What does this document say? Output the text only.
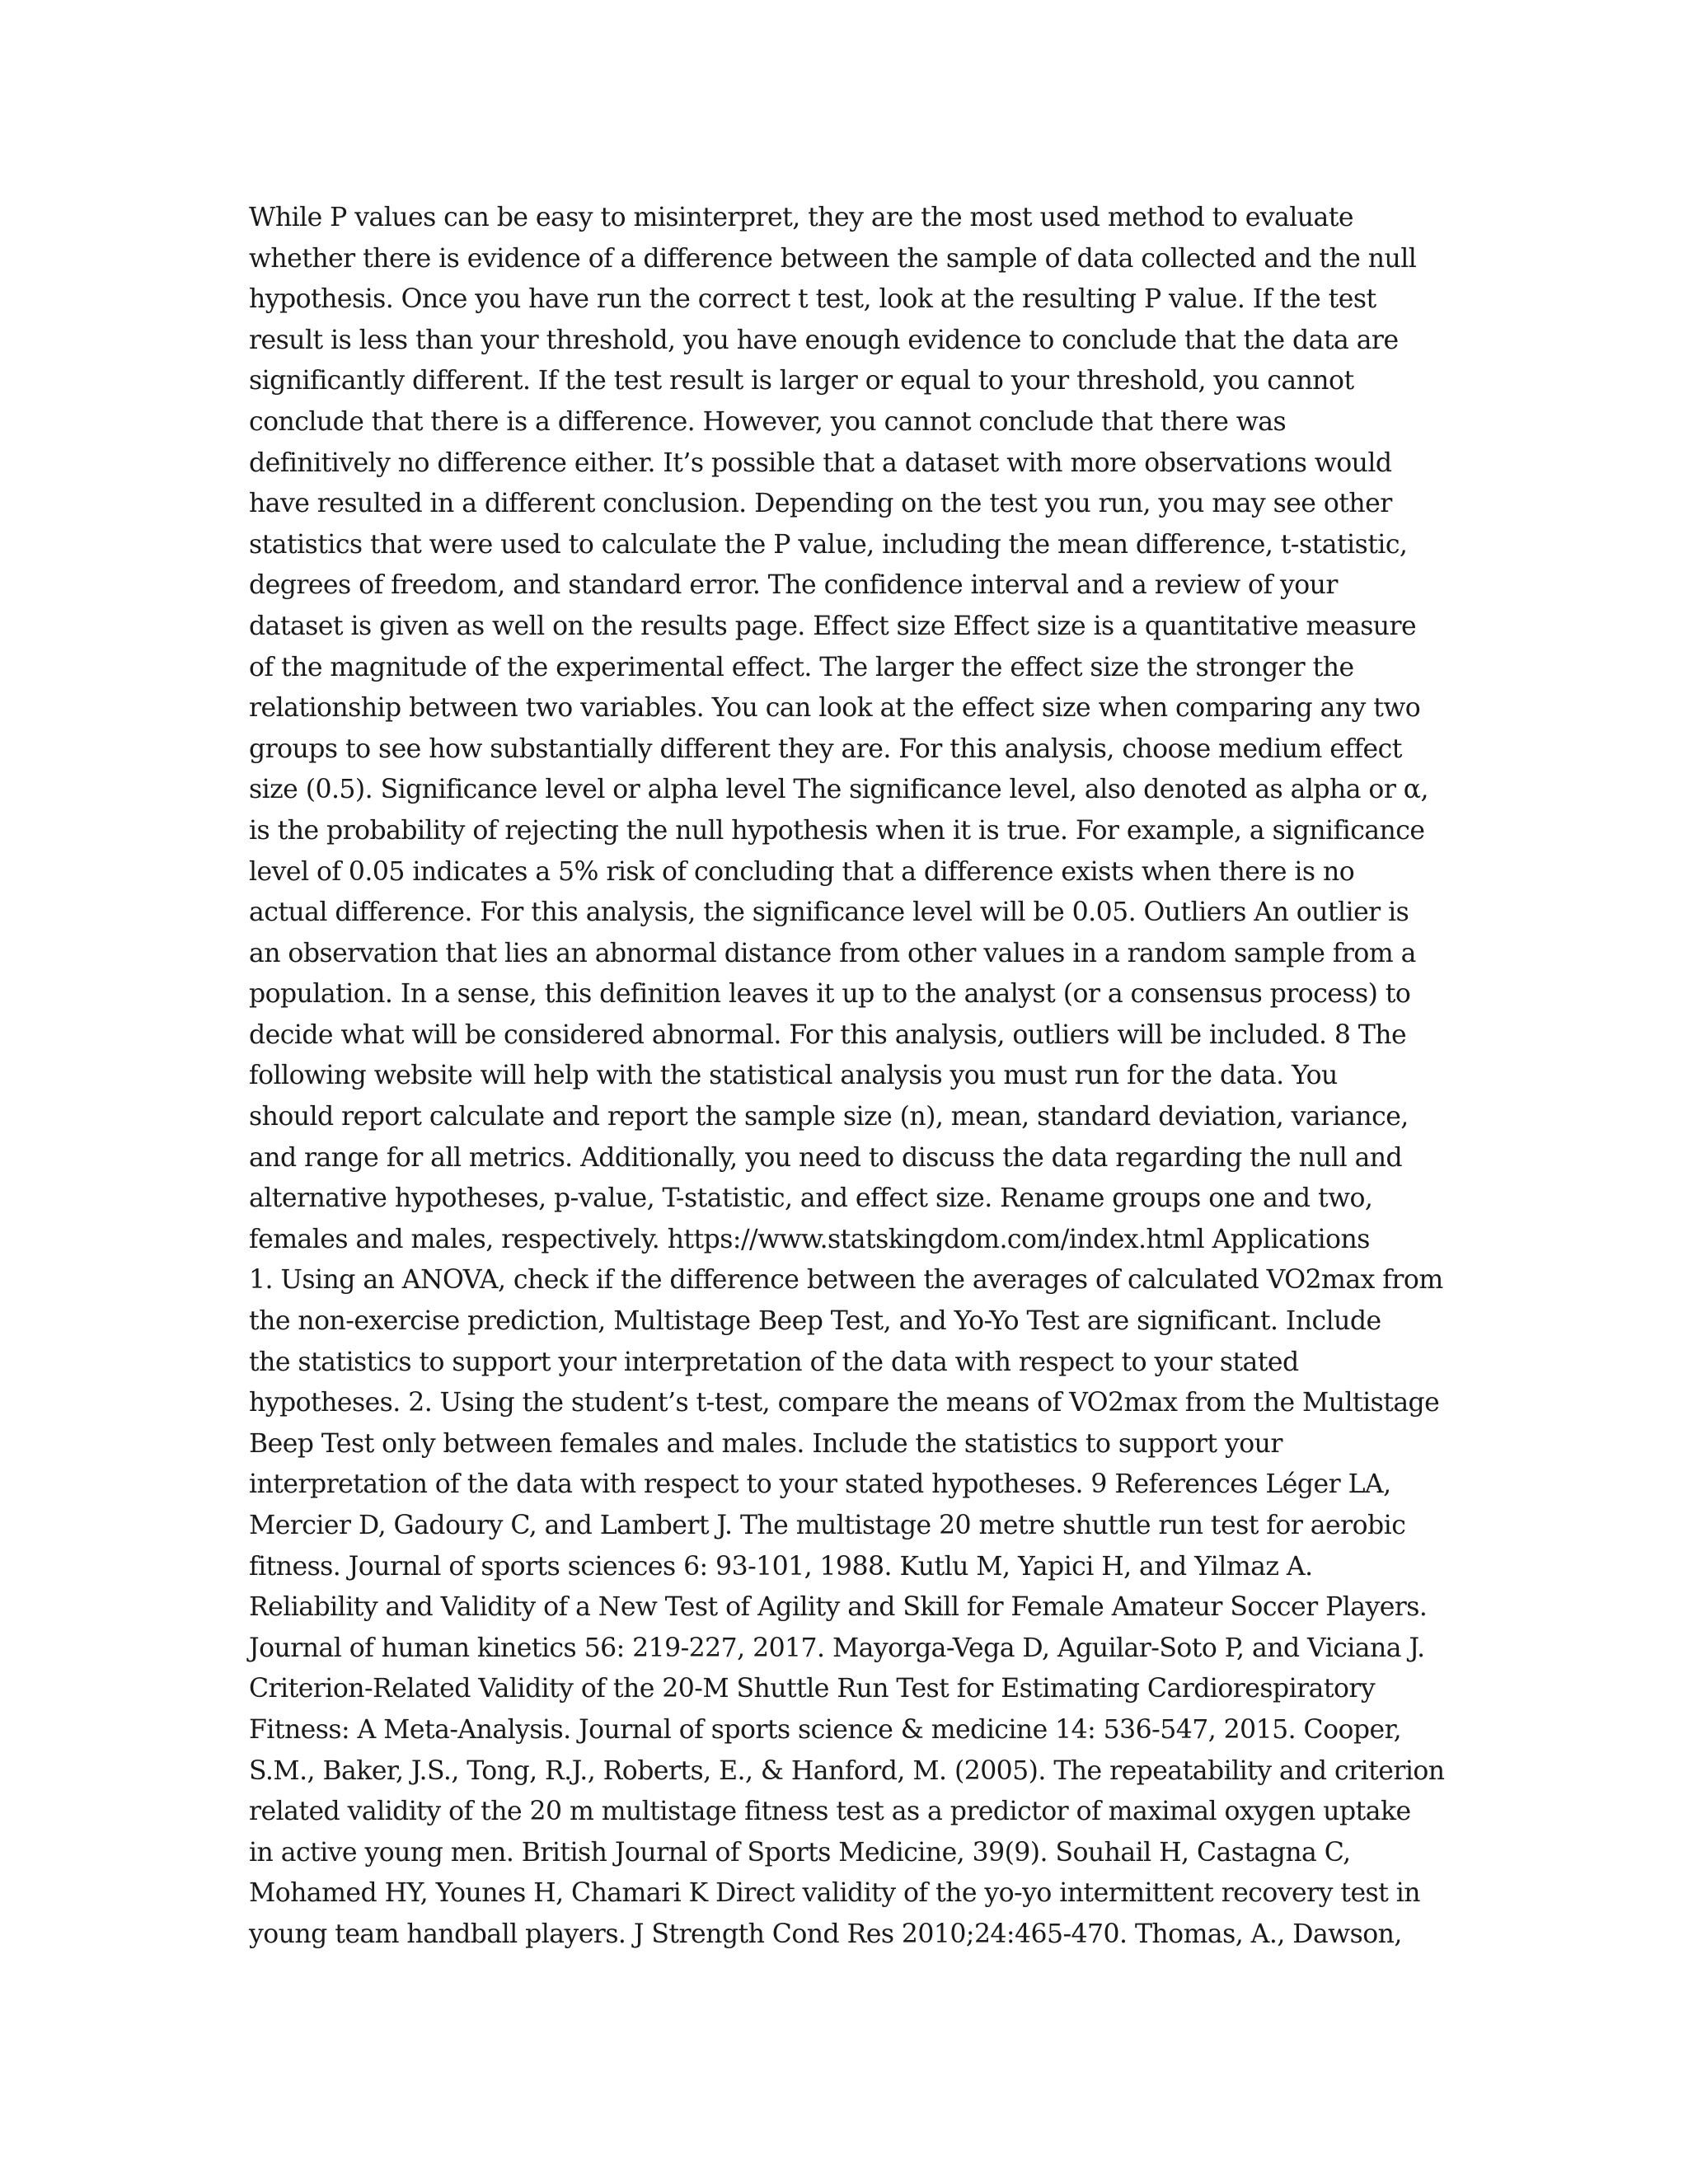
While P values can be easy to misinterpret, they are the most used method to evaluate
whether there is evidence of a difference between the sample of data collected and the null
hypothesis. Once you have run the correct t test, look at the resulting P value. If the test
result is less than your threshold, you have enough evidence to conclude that the data are
significantly different. If the test result is larger or equal to your threshold, you cannot
conclude that there is a difference. However, you cannot conclude that there was
definitively no difference either. It’s possible that a dataset with more observations would
have resulted in a different conclusion. Depending on the test you run, you may see other
statistics that were used to calculate the P value, including the mean difference, t-statistic,
degrees of freedom, and standard error. The confidence interval and a review of your
dataset is given as well on the results page. Effect size Effect size is a quantitative measure
of the magnitude of the experimental effect. The larger the effect size the stronger the
relationship between two variables. You can look at the effect size when comparing any two
groups to see how substantially different they are. For this analysis, choose medium effect
size (0.5). Significance level or alpha level The significance level, also denoted as alpha or α,
is the probability of rejecting the null hypothesis when it is true. For example, a significance
level of 0.05 indicates a 5% risk of concluding that a difference exists when there is no
actual difference. For this analysis, the significance level will be 0.05. Outliers An outlier is
an observation that lies an abnormal distance from other values in a random sample from a
population. In a sense, this definition leaves it up to the analyst (or a consensus process) to
decide what will be considered abnormal. For this analysis, outliers will be included. 8 The
following website will help with the statistical analysis you must run for the data. You
should report calculate and report the sample size (n), mean, standard deviation, variance,
and range for all metrics. Additionally, you need to discuss the data regarding the null and
alternative hypotheses, p-value, T-statistic, and effect size. Rename groups one and two,
females and males, respectively. https://www.statskingdom.com/index.html Applications
1. Using an ANOVA, check if the difference between the averages of calculated VO2max from
the non-exercise prediction, Multistage Beep Test, and Yo-Yo Test are significant. Include
the statistics to support your interpretation of the data with respect to your stated
hypotheses. 2. Using the student’s t-test, compare the means of VO2max from the Multistage
Beep Test only between females and males. Include the statistics to support your
interpretation of the data with respect to your stated hypotheses. 9 References Léger LA,
Mercier D, Gadoury C, and Lambert J. The multistage 20 metre shuttle run test for aerobic
fitness. Journal of sports sciences 6: 93-101, 1988. Kutlu M, Yapici H, and Yilmaz A.
Reliability and Validity of a New Test of Agility and Skill for Female Amateur Soccer Players.
Journal of human kinetics 56: 219-227, 2017. Mayorga-Vega D, Aguilar-Soto P, and Viciana J.
Criterion-Related Validity of the 20-M Shuttle Run Test for Estimating Cardiorespiratory
Fitness: A Meta-Analysis. Journal of sports science & medicine 14: 536-547, 2015. Cooper,
S.M., Baker, J.S., Tong, R.J., Roberts, E., & Hanford, M. (2005). The repeatability and criterion
related validity of the 20 m multistage fitness test as a predictor of maximal oxygen uptake
in active young men. British Journal of Sports Medicine, 39(9). Souhail H, Castagna C,
Mohamed HY, Younes H, Chamari K Direct validity of the yo-yo intermittent recovery test in
young team handball players. J Strength Cond Res 2010;24:465-470. Thomas, A., Dawson,
